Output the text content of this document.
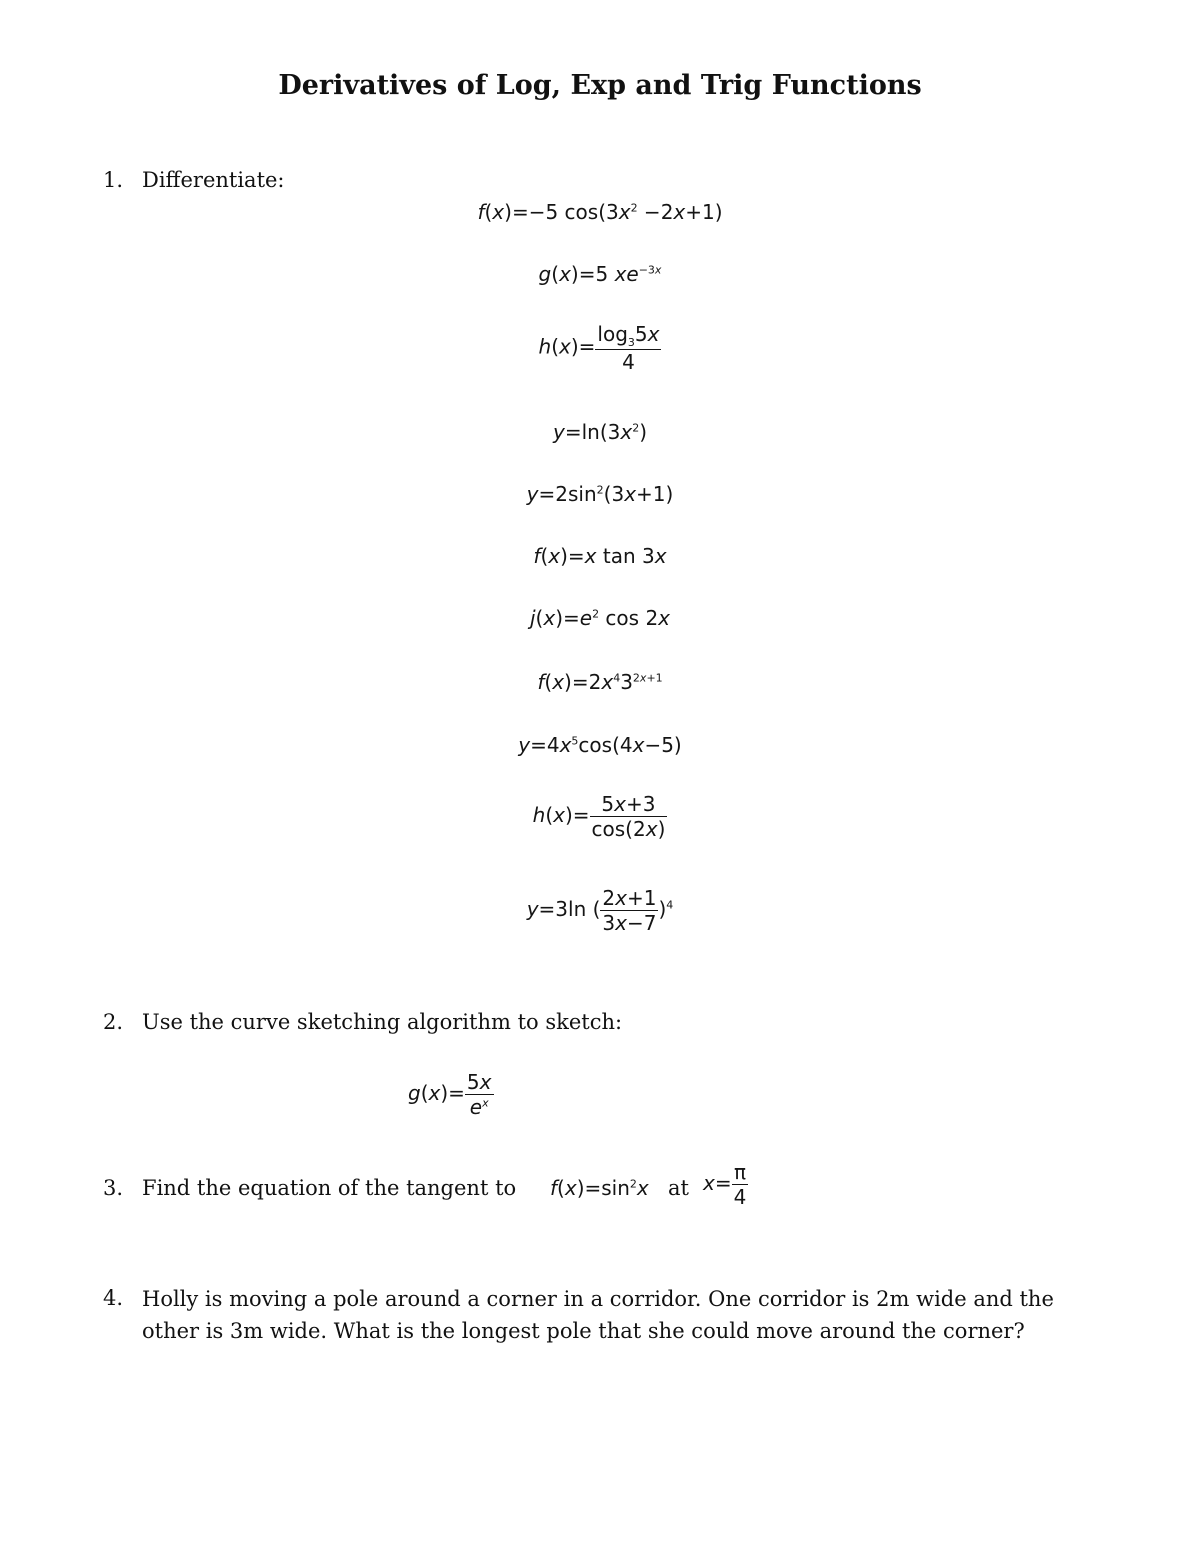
Derivatives of Log, Exp and Trig Functions
1. Differentiate:
f(x)=−5 $\cos(3x^2 -2x+1)$
g(x)=5 $xe^{-3x}$
$h(x)= \frac{\log_35x}{4}$
$y=\ln(3x^2)$
$y=2\sin^2(3x+1)$
f(x)=x tan 3x
$j(x)=e^2$ cos 2x
$f(x)=2x^43^{2x+1}$
$y=4x^5\cos(4x-5)$
$h(x)= \frac{5x+3}{\cos(2x)}$
y=3ln ( $\frac{2x+1}{3x-7} )^4$
2. Use the curve sketching algorithm to sketch:
$g(x)= \frac{5x}{e^x}$
3. Find the equation of the tangent to $f(x)=\sin^2x$ at $x= \frac{\pi}{4}$
4. Holly is moving a pole around a corner in a corridor. One corridor is 2m wide and the other is 3m wide. What is the longest pole that she could move around the corner?
